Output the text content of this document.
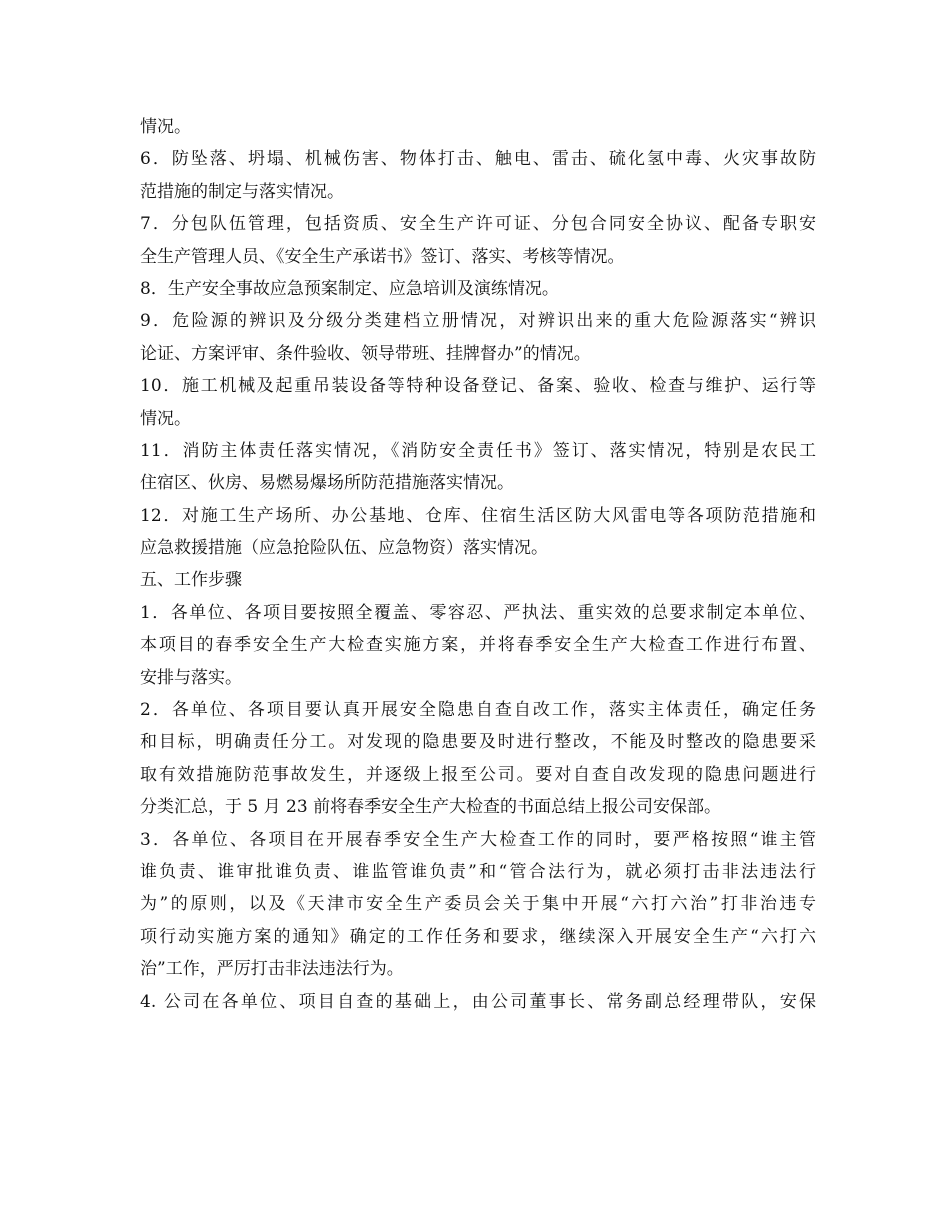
情况。
6．防坠落、坍塌、机械伤害、物体打击、触电、雷击、硫化氢中毒、火灾事故防
范措施的制定与落实情况。
7．分包队伍管理，包括资质、安全生产许可证、分包合同安全协议、配备专职安
全生产管理人员、《安全生产承诺书》签订、落实、考核等情况。
8．生产安全事故应急预案制定、应急培训及演练情况。
9．危险源的辨识及分级分类建档立册情况，对辨识出来的重大危险源落实“辨识
论证、方案评审、条件验收、领导带班、挂牌督办”的情况。
10．施工机械及起重吊装设备等特种设备登记、备案、验收、检查与维护、运行等
情况。
11．消防主体责任落实情况，《消防安全责任书》签订、落实情况，特别是农民工
住宿区、伙房、易燃易爆场所防范措施落实情况。
12．对施工生产场所、办公基地、仓库、住宿生活区防大风雷电等各项防范措施和
应急救援措施（应急抢险队伍、应急物资）落实情况。
五、工作步骤
1．各单位、各项目要按照全覆盖、零容忍、严执法、重实效的总要求制定本单位、
本项目的春季安全生产大检查实施方案，并将春季安全生产大检查工作进行布置、
安排与落实。
2．各单位、各项目要认真开展安全隐患自查自改工作，落实主体责任，确定任务
和目标，明确责任分工。对发现的隐患要及时进行整改，不能及时整改的隐患要采
取有效措施防范事故发生，并逐级上报至公司。要对自查自改发现的隐患问题进行
分类汇总，于 5 月 23 前将春季安全生产大检查的书面总结上报公司安保部。
3．各单位、各项目在开展春季安全生产大检查工作的同时，要严格按照“谁主管
谁负责、谁审批谁负责、谁监管谁负责”和“管合法行为，就必须打击非法违法行
为”的原则，以及《天津市安全生产委员会关于集中开展“六打六治”打非治违专
项行动实施方案的通知》确定的工作任务和要求，继续深入开展安全生产“六打六
治”工作，严厉打击非法违法行为。
4. 公司在各单位、项目自查的基础上，由公司董事长、常务副总经理带队，安保
